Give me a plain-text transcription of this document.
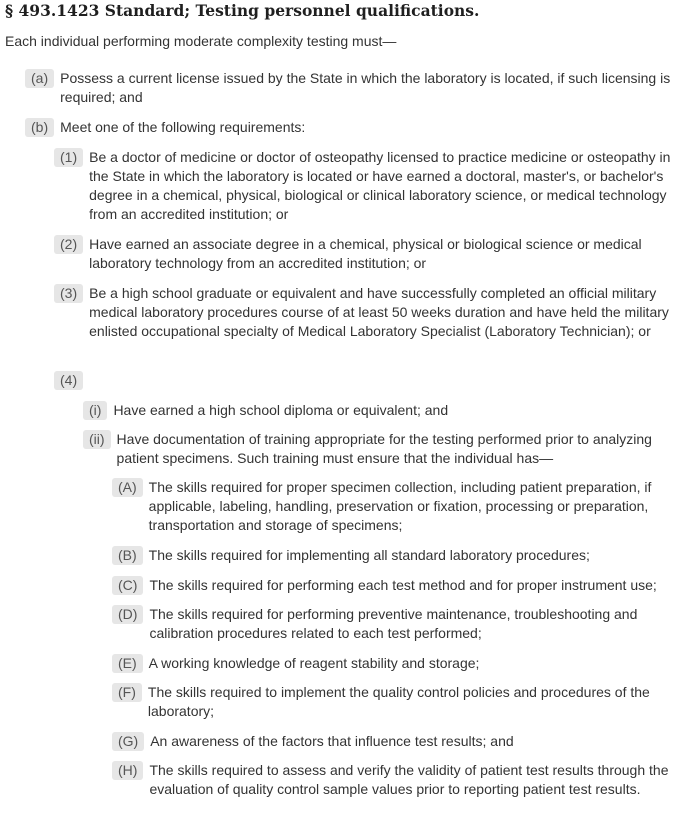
§ 493.1423 Standard; Testing personnel qualifications.
Each individual performing moderate complexity testing must—
(a) Possess a current license issued by the State in which the laboratory is located, if such licensing is required; and
(b) Meet one of the following requirements:
(1) Be a doctor of medicine or doctor of osteopathy licensed to practice medicine or osteopathy in the State in which the laboratory is located or have earned a doctoral, master's, or bachelor's degree in a chemical, physical, biological or clinical laboratory science, or medical technology from an accredited institution; or
(2) Have earned an associate degree in a chemical, physical or biological science or medical laboratory technology from an accredited institution; or
(3) Be a high school graduate or equivalent and have successfully completed an official military medical laboratory procedures course of at least 50 weeks duration and have held the military enlisted occupational specialty of Medical Laboratory Specialist (Laboratory Technician); or
(4)
(i) Have earned a high school diploma or equivalent; and
(ii) Have documentation of training appropriate for the testing performed prior to analyzing patient specimens. Such training must ensure that the individual has—
(A) The skills required for proper specimen collection, including patient preparation, if applicable, labeling, handling, preservation or fixation, processing or preparation, transportation and storage of specimens;
(B) The skills required for implementing all standard laboratory procedures;
(C) The skills required for performing each test method and for proper instrument use;
(D) The skills required for performing preventive maintenance, troubleshooting and calibration procedures related to each test performed;
(E) A working knowledge of reagent stability and storage;
(F) The skills required to implement the quality control policies and procedures of the laboratory;
(G) An awareness of the factors that influence test results; and
(H) The skills required to assess and verify the validity of patient test results through the evaluation of quality control sample values prior to reporting patient test results.
